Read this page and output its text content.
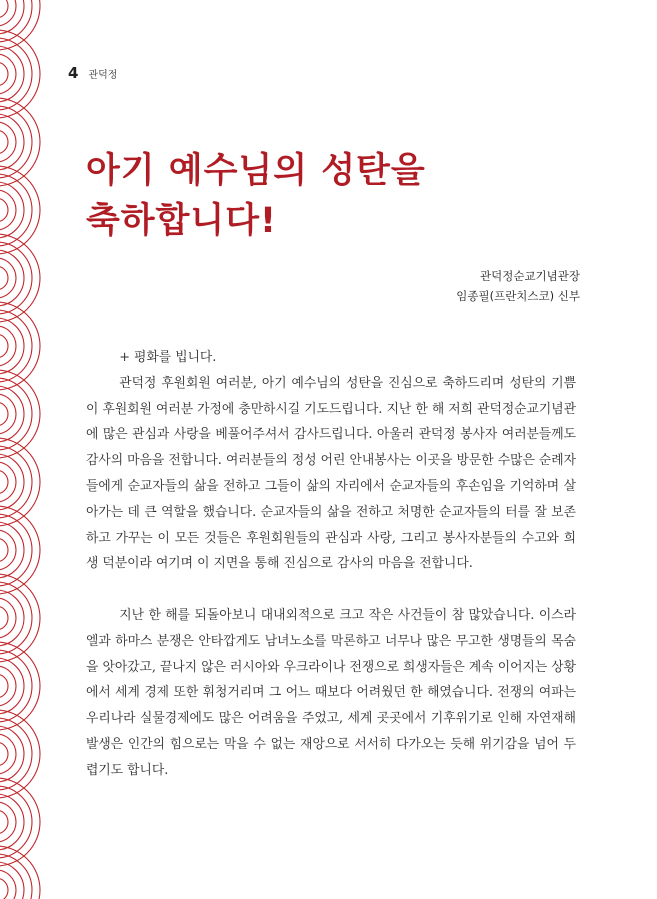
4 관덕정
아기 예수님의 성탄을
축하합니다!
관덕정순교기념관장
임종필(프란치스코) 신부

+ 평화를 빕니다.

관덕정 후원회원 여러분, 아기 예수님의 성탄을 진심으로 축하드리며 성탄의 기쁨이 후원회원 여러분 가정에 충만하시길 기도드립니다. 지난 한 해 저희 관덕정순교기념관에 많은 관심과 사랑을 베풀어주셔서 감사드립니다. 아울러 관덕정 봉사자 여러분들께도 감사의 마음을 전합니다. 여러분들의 정성 어린 안내봉사는 이곳을 방문한 수많은 순례자들에게 순교자들의 삶을 전하고 그들이 삶의 자리에서 순교자들의 후손임을 기억하며 살아가는 데 큰 역할을 했습니다. 순교자들의 삶을 전하고 처명한 순교자들의 터를 잘 보존하고 가꾸는 이 모든 것들은 후원회원들의 관심과 사랑, 그리고 봉사자분들의 수고와 희생 덕분이라 여기며 이 지면을 통해 진심으로 감사의 마음을 전합니다.

지난 한 해를 되돌아보니 대내외적으로 크고 작은 사건들이 참 많았습니다. 이스라엘과 하마스 분쟁은 안타깝게도 남녀노소를 막론하고 너무나 많은 무고한 생명들의 목숨을 앗아갔고, 끝나지 않은 러시아와 우크라이나 전쟁으로 희생자들은 계속 이어지는 상황에서 세계 경제 또한 휘청거리며 그 어느 때보다 어려웠던 한 해였습니다. 전쟁의 여파는 우리나라 실물경제에도 많은 어려움을 주었고, 세계 곳곳에서 기후위기로 인해 자연재해 발생은 인간의 힘으로는 막을 수 없는 재앙으로 서서히 다가오는 듯해 위기감을 넘어 두렵기도 합니다.
